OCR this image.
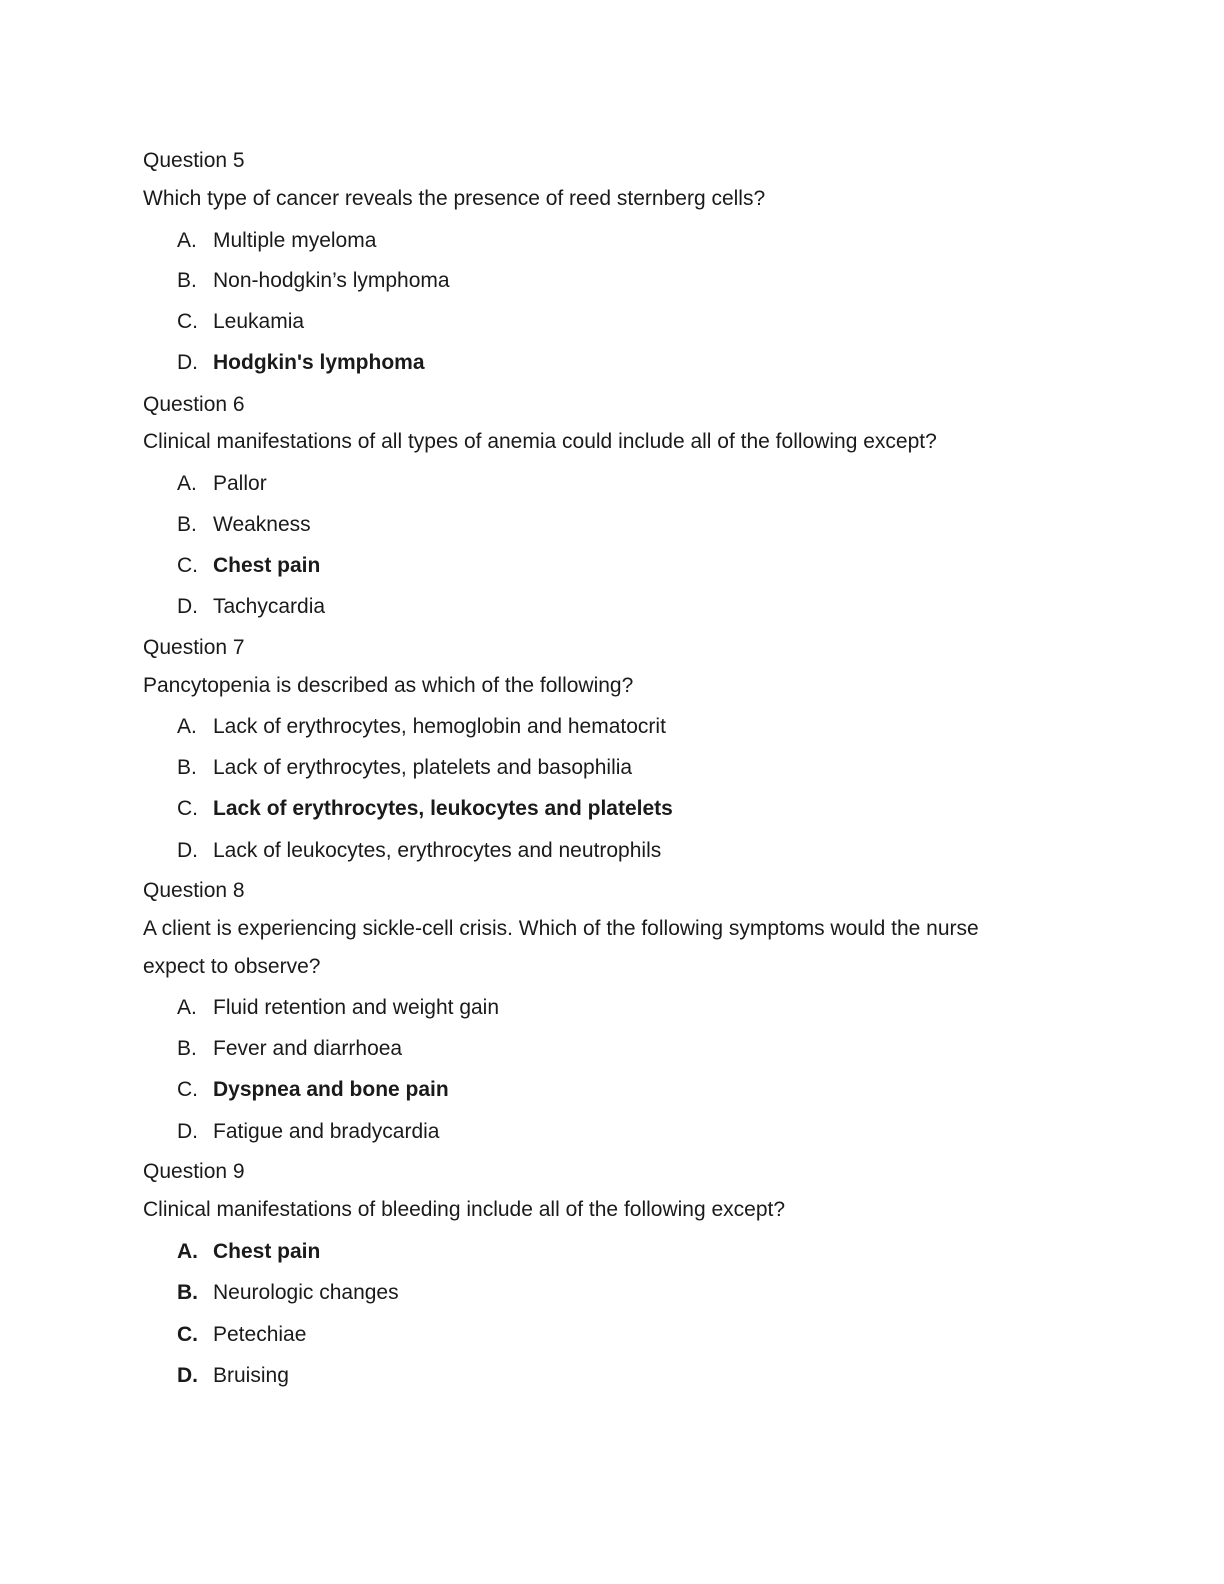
Question 5
Which type of cancer reveals the presence of reed sternberg cells?
A. Multiple myeloma
B. Non-hodgkin’s lymphoma
C. Leukamia
D. Hodgkin's lymphoma
Question 6
Clinical manifestations of all types of anemia could include all of the following except?
A. Pallor
B. Weakness
C. Chest pain
D. Tachycardia
Question 7
Pancytopenia is described as which of the following?
A. Lack of erythrocytes, hemoglobin and hematocrit
B. Lack of erythrocytes, platelets and basophilia
C. Lack of erythrocytes, leukocytes and platelets
D. Lack of leukocytes, erythrocytes and neutrophils
Question 8
A client is experiencing sickle-cell crisis. Which of the following symptoms would the nurse expect to observe?
A. Fluid retention and weight gain
B. Fever and diarrhoea
C. Dyspnea and bone pain
D. Fatigue and bradycardia
Question 9
Clinical manifestations of bleeding include all of the following except?
A. Chest pain
B. Neurologic changes
C. Petechiae
D. Bruising
